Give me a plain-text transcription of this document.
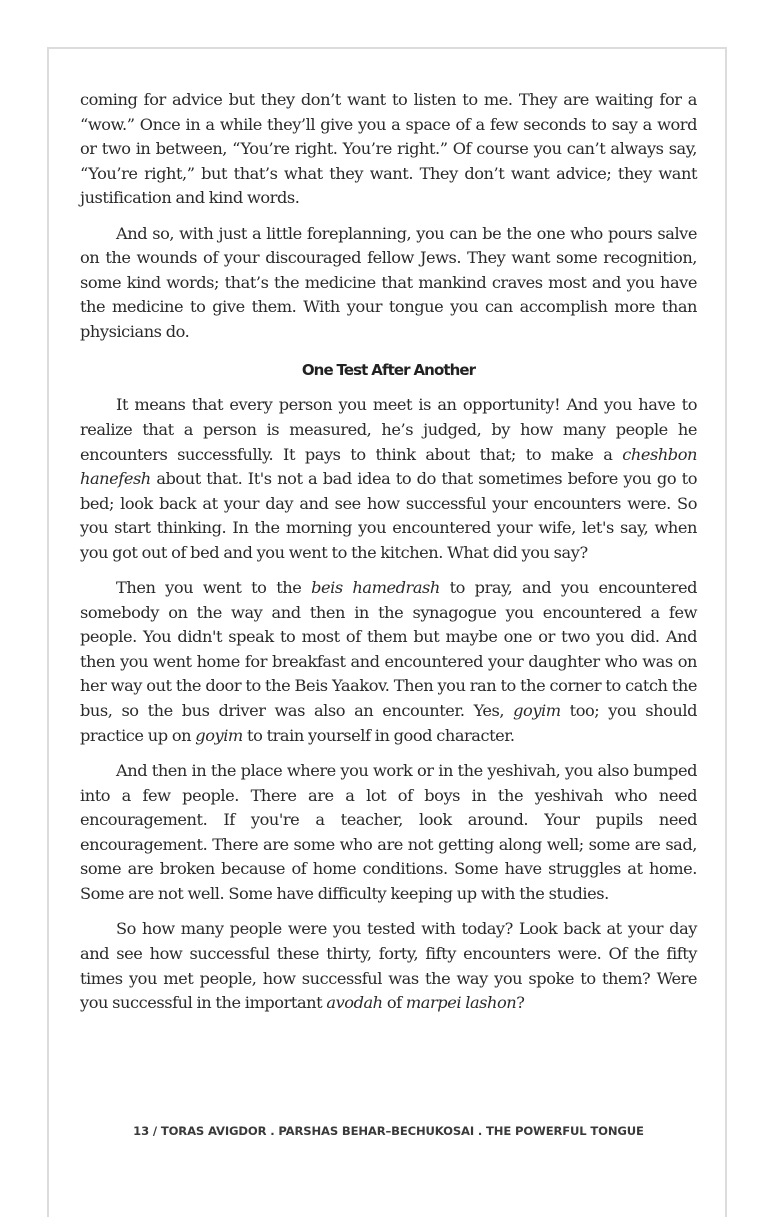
coming for advice but they don’t want to listen to me. They are waiting for a “wow.” Once in a while they’ll give you a space of a few seconds to say a word or two in between, “You’re right. You’re right.” Of course you can’t always say, “You’re right,” but that’s what they want. They don’t want advice; they want justification and kind words.

And so, with just a little foreplanning, you can be the one who pours salve on the wounds of your discouraged fellow Jews. They want some recognition, some kind words; that’s the medicine that mankind craves most and you have the medicine to give them. With your tongue you can accomplish more than physicians do.

One Test After Another

It means that every person you meet is an opportunity! And you have to realize that a person is measured, he’s judged, by how many people he encounters successfully. It pays to think about that; to make a cheshbon hanefesh about that. It's not a bad idea to do that sometimes before you go to bed; look back at your day and see how successful your encounters were. So you start thinking. In the morning you encountered your wife, let's say, when you got out of bed and you went to the kitchen. What did you say?

Then you went to the beis hamedrash to pray, and you encountered somebody on the way and then in the synagogue you encountered a few people. You didn't speak to most of them but maybe one or two you did. And then you went home for breakfast and encountered your daughter who was on her way out the door to the Beis Yaakov. Then you ran to the corner to catch the bus, so the bus driver was also an encounter. Yes, goyim too; you should practice up on goyim to train yourself in good character.

And then in the place where you work or in the yeshivah, you also bumped into a few people. There are a lot of boys in the yeshivah who need encouragement. If you're a teacher, look around. Your pupils need encouragement. There are some who are not getting along well; some are sad, some are broken because of home conditions. Some have struggles at home. Some are not well. Some have difficulty keeping up with the studies.

So how many people were you tested with today? Look back at your day and see how successful these thirty, forty, fifty encounters were. Of the fifty times you met people, how successful was the way you spoke to them? Were you successful in the important avodah of marpei lashon?

13 / TORAS AVIGDOR . PARSHAS BEHAR–BECHUKOSAI . THE POWERFUL TONGUE
